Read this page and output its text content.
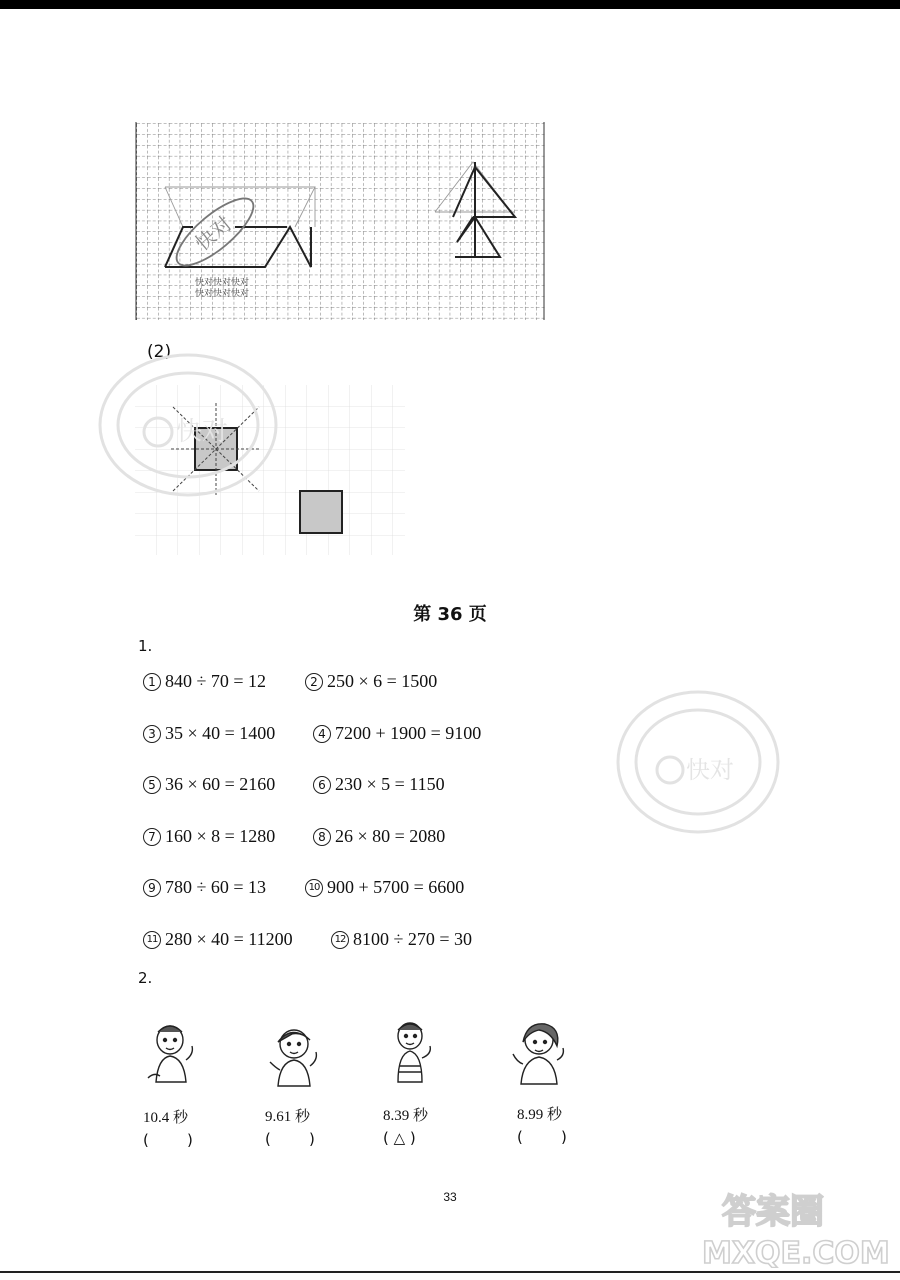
快对
快对快对快对
快对快对快对
(2)
快对
快对
第 36 页
1.
1 840 ÷ 70 = 12	2 250 × 6 = 1500
3 35 × 40 = 1400	4 7200 + 1900 = 9100
5 36 × 60 = 2160	6 230 × 5 = 1150
7 160 × 8 = 1280	8 26 × 80 = 2080
9 780 ÷ 60 = 13	10 900 + 5700 = 6600
11 280 × 40 = 11200	12 8100 ÷ 270 = 30
2.
10.4 秒	9.61 秒	8.39 秒	8.99 秒
(        )	(        )	( △ )	(        )
33	答案圈
MXQE.COM
